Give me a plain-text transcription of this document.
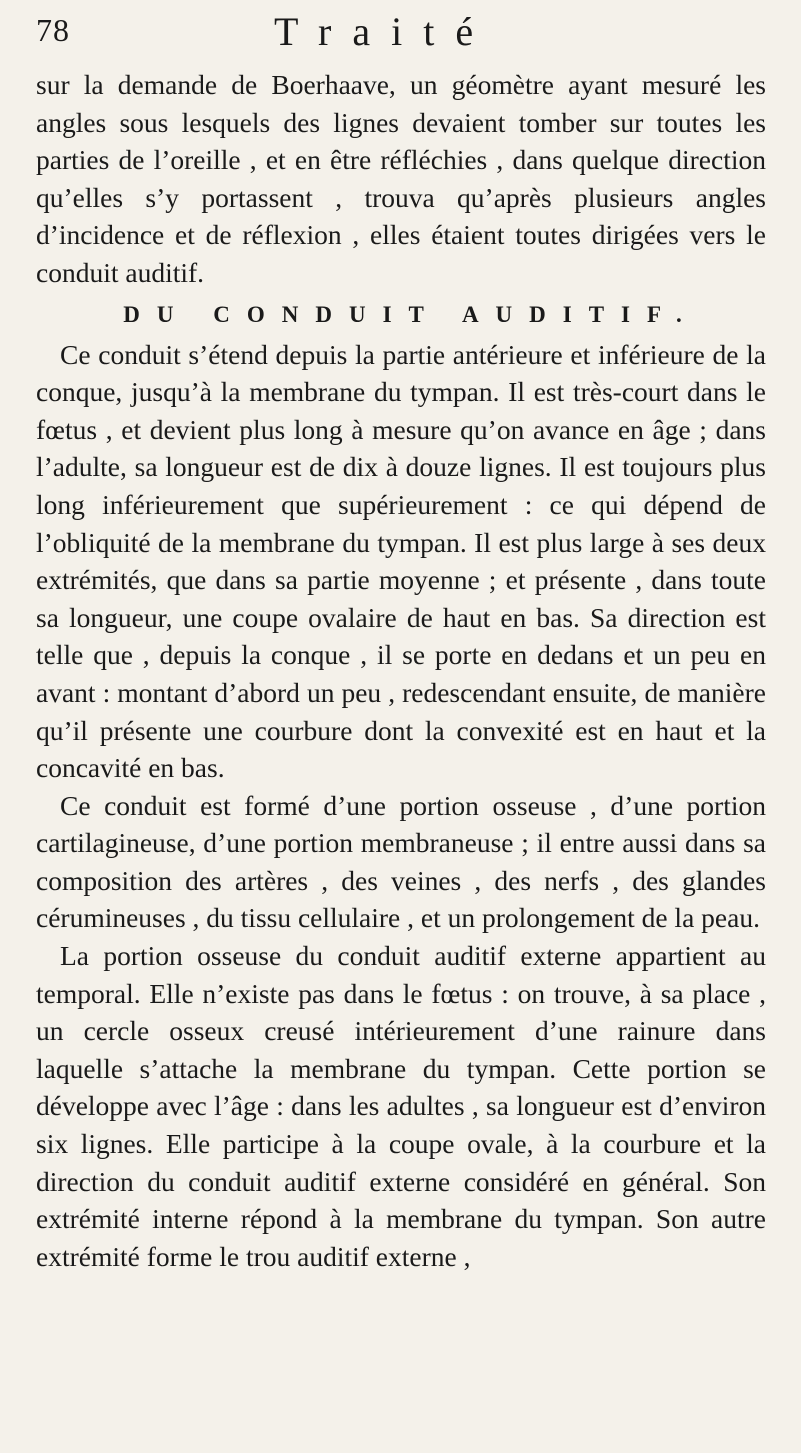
78	Traité

sur la demande de Boerhaave, un géomètre ayant mesuré les angles sous lesquels des lignes devaient tomber sur toutes les parties de l’oreille , et en être réfléchies , dans quelque direction qu’elles s’y portassent , trouva qu’après plusieurs angles d’incidence et de réflexion , elles étaient toutes dirigées vers le conduit auditif.

DU CONDUIT AUDITIF.

Ce conduit s’étend depuis la partie antérieure et inférieure de la conque, jusqu’à la membrane du tympan. Il est très-court dans le fœtus , et devient plus long à mesure qu’on avance en âge ; dans l’adulte, sa longueur est de dix à douze lignes. Il est toujours plus long inférieurement que supérieurement : ce qui dépend de l’obliquité de la membrane du tympan. Il est plus large à ses deux extrémités, que dans sa partie moyenne ; et présente , dans toute sa longueur, une coupe ovalaire de haut en bas. Sa direction est telle que , depuis la conque , il se porte en dedans et un peu en avant : montant d’abord un peu , redescendant ensuite, de manière qu’il présente une courbure dont la convexité est en haut et la concavité en bas.

Ce conduit est formé d’une portion osseuse , d’une portion cartilagineuse, d’une portion membraneuse ; il entre aussi dans sa composition des artères , des veines , des nerfs , des glandes cérumineuses , du tissu cellulaire , et un prolongement de la peau.

La portion osseuse du conduit auditif externe appartient au temporal. Elle n’existe pas dans le fœtus : on trouve, à sa place , un cercle osseux creusé intérieurement d’une rainure dans laquelle s’attache la membrane du tympan. Cette portion se développe avec l’âge : dans les adultes , sa longueur est d’environ six lignes. Elle participe à la coupe ovale, à la courbure et la direction du conduit auditif externe considéré en général. Son extrémité interne répond à la membrane du tympan. Son autre extrémité forme le trou auditif externe ,
